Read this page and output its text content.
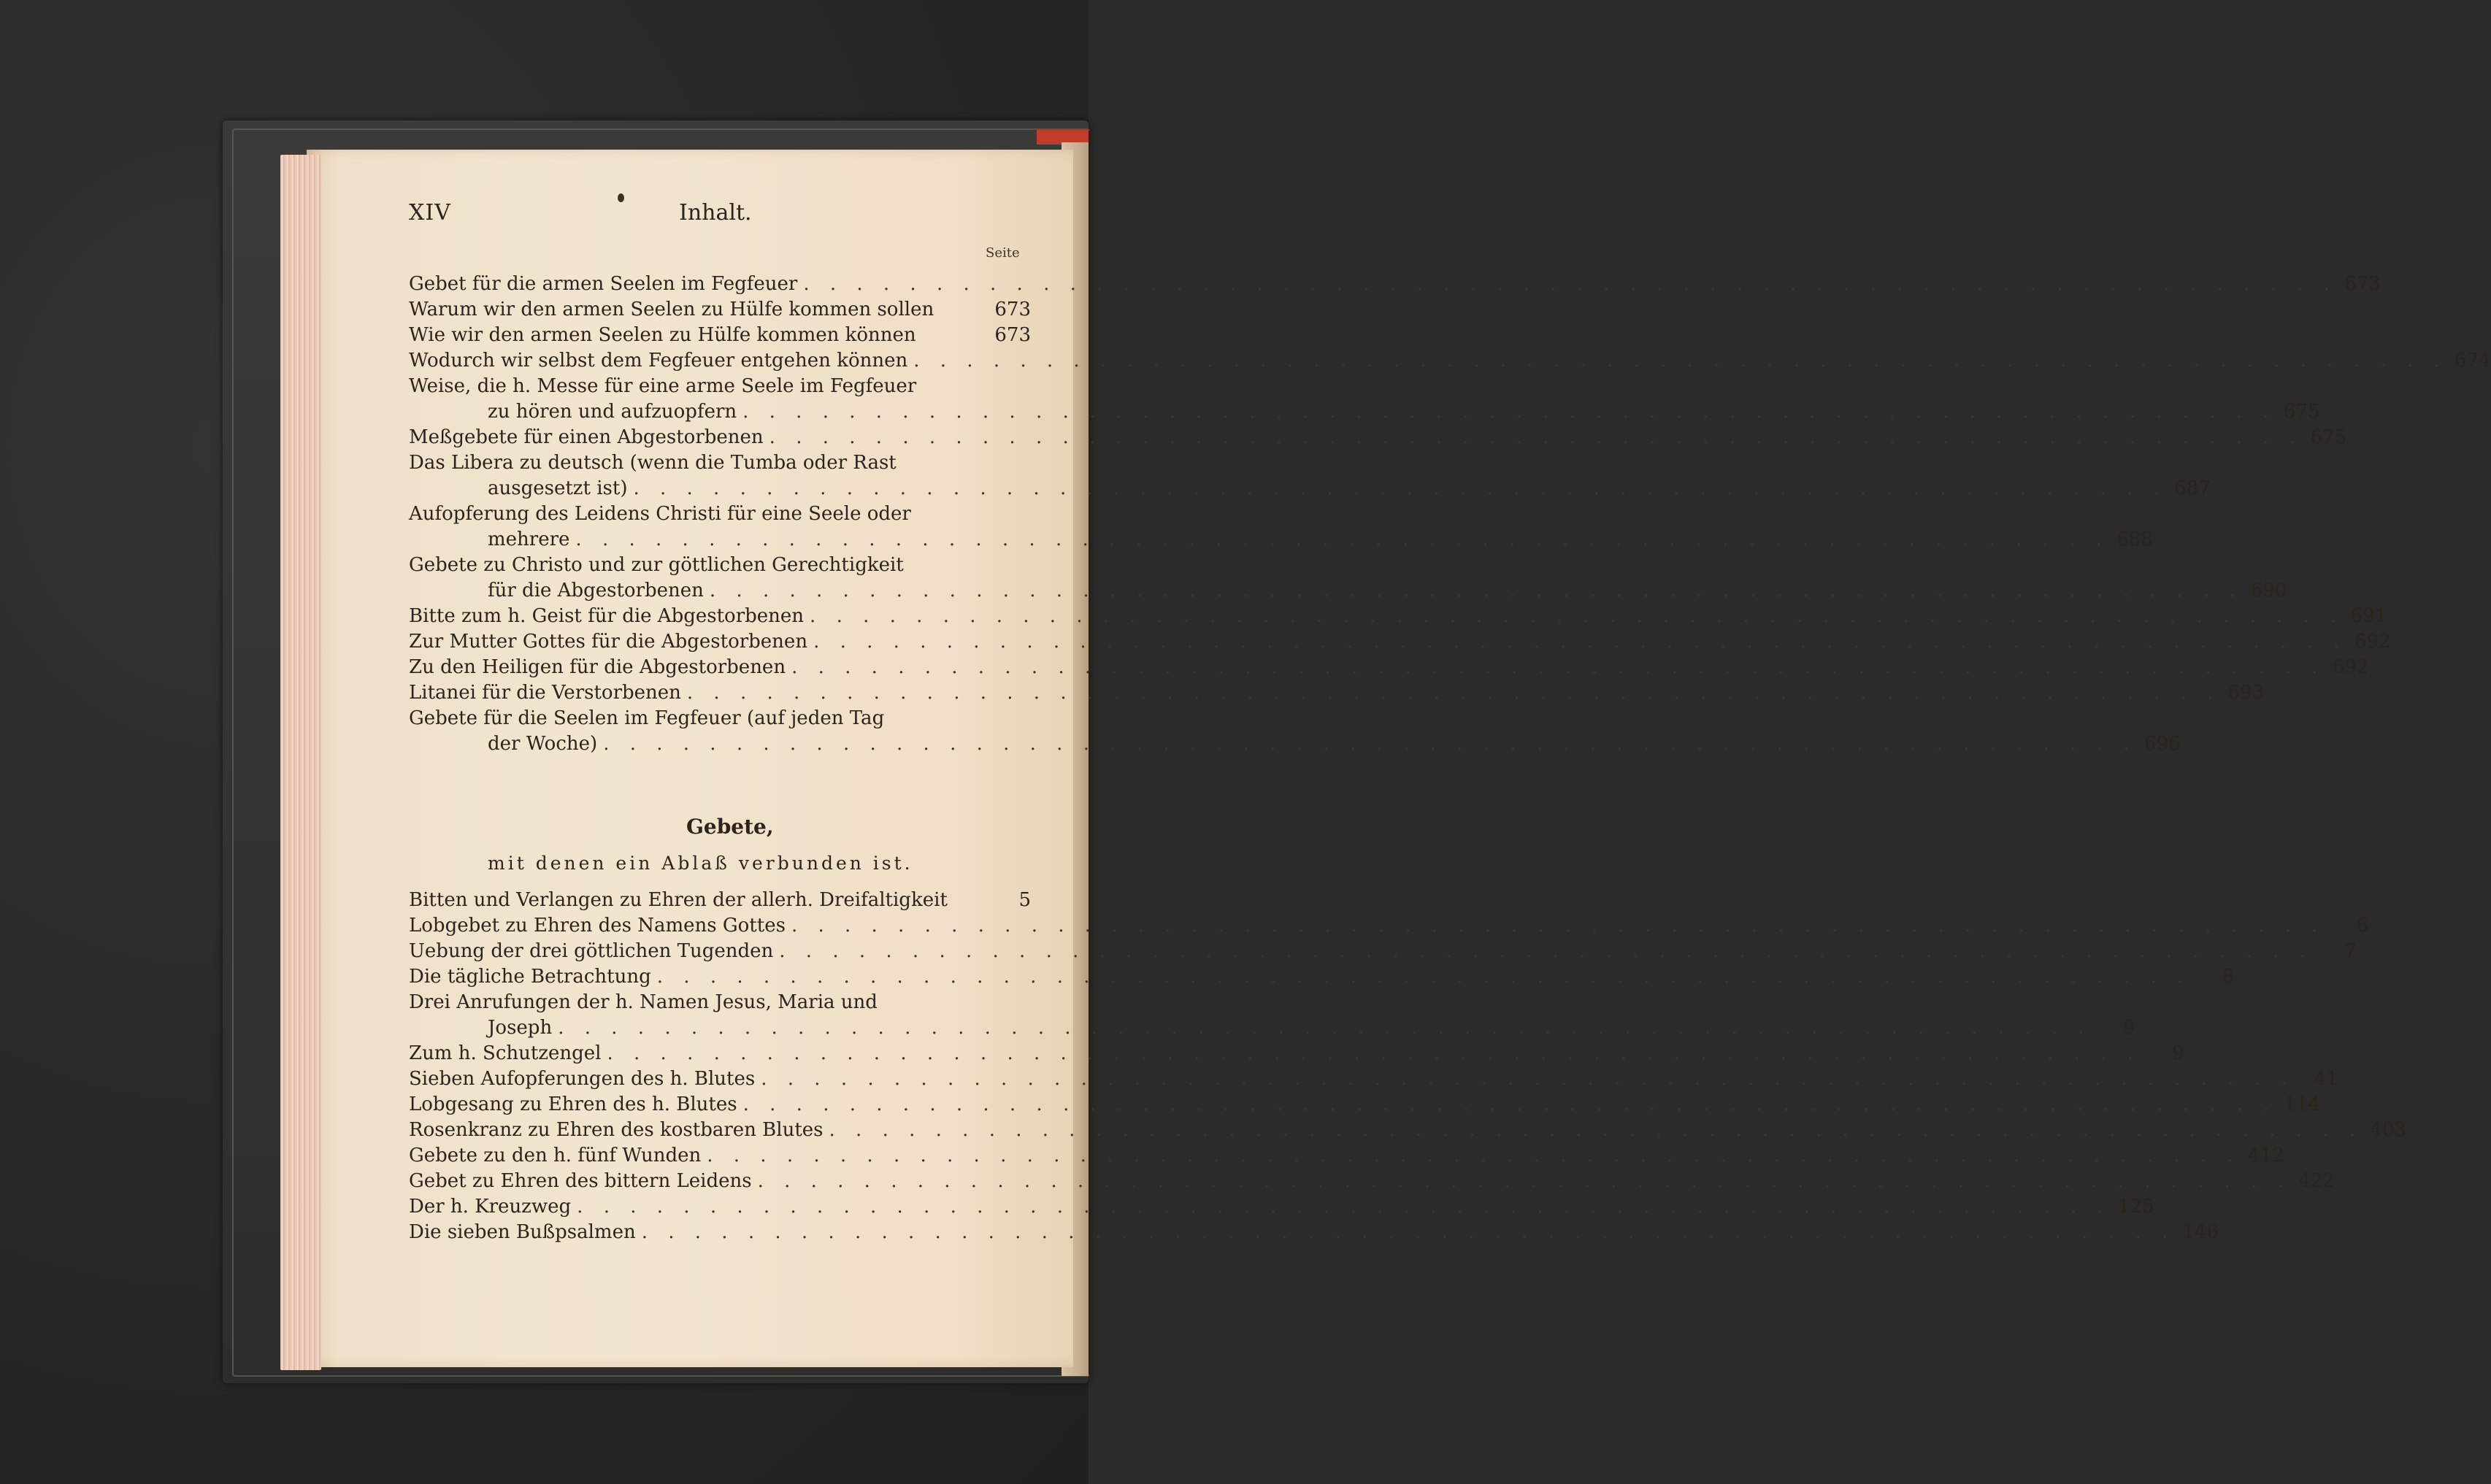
XIV	Inhalt.
Seite
Gebet für die armen Seelen im Fegfeuer . . .	673
Warum wir den armen Seelen zu Hülfe kommen sollen	673
Wie wir den armen Seelen zu Hülfe kommen können	673
Wodurch wir selbst dem Fegfeuer entgehen können . . .	674
Weise, die h. Messe für eine arme Seele im Fegfeuer
zu hören und aufzuopfern . . .	675
Meßgebete für einen Abgestorbenen . . .	675
Das Libera zu deutsch (wenn die Tumba oder Rast
ausgesetzt ist) . . .	687
Aufopferung des Leidens Christi für eine Seele oder
mehrere . . .	688
Gebete zu Christo und zur göttlichen Gerechtigkeit
für die Abgestorbenen . . .	690
Bitte zum h. Geist für die Abgestorbenen . . .	691
Zur Mutter Gottes für die Abgestorbenen . . .	692
Zu den Heiligen für die Abgestorbenen . . .	692
Litanei für die Verstorbenen . . .	693
Gebete für die Seelen im Fegfeuer (auf jeden Tag
der Woche) . . .	696
Gebete,
mit denen ein Ablaß verbunden ist.
Bitten und Verlangen zu Ehren der allerh. Dreifaltigkeit	5
Lobgebet zu Ehren des Namens Gottes . . .	6
Uebung der drei göttlichen Tugenden . . .	7
Die tägliche Betrachtung . . .	8
Drei Anrufungen der h. Namen Jesus, Maria und
Joseph . . .	9
Zum h. Schutzengel . . .	9
Sieben Aufopferungen des h. Blutes . . .	41
Lobgesang zu Ehren des h. Blutes . . .	114
Rosenkranz zu Ehren des kostbaren Blutes . . .	403
Gebete zu den h. fünf Wunden . . .	412
Gebet zu Ehren des bittern Leidens . . .	422
Der h. Kreuzweg . . .	125
Die sieben Bußpsalmen . . .	146
